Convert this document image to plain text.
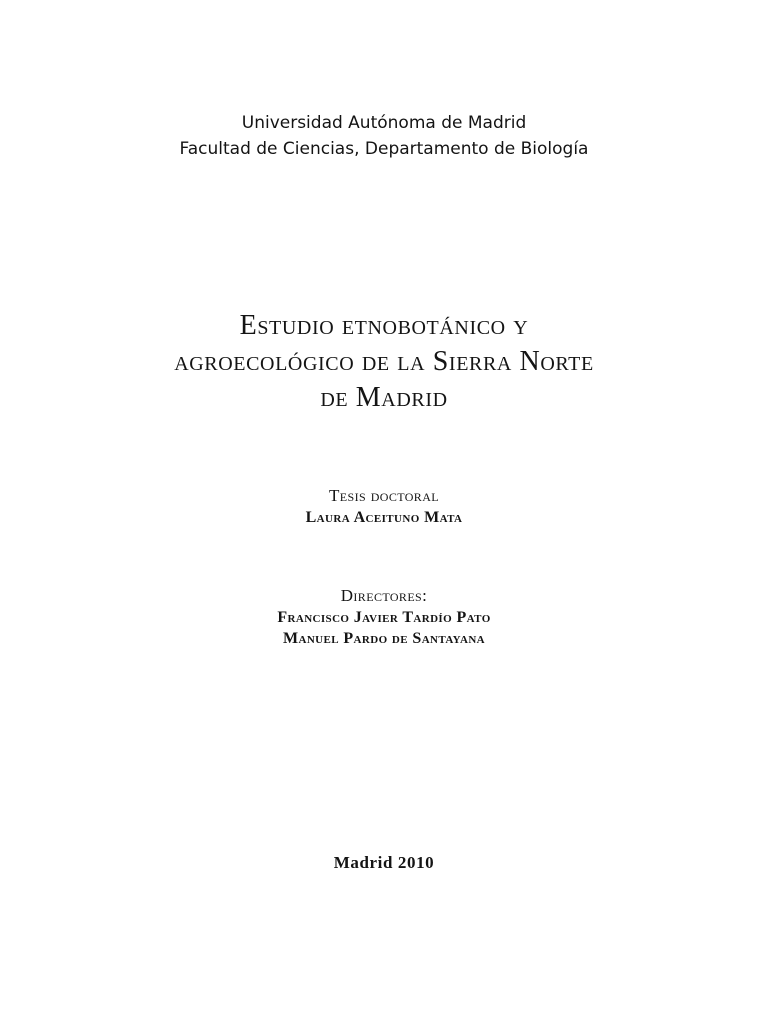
Universidad Autónoma de Madrid
Facultad de Ciencias, Departamento de Biología
Estudio etnobotánico y
agroecológico de la Sierra Norte
de Madrid
Tesis doctoral
Laura Aceituno Mata
Directores:
Francisco Javier Tardío Pato
Manuel Pardo de Santayana
Madrid 2010
